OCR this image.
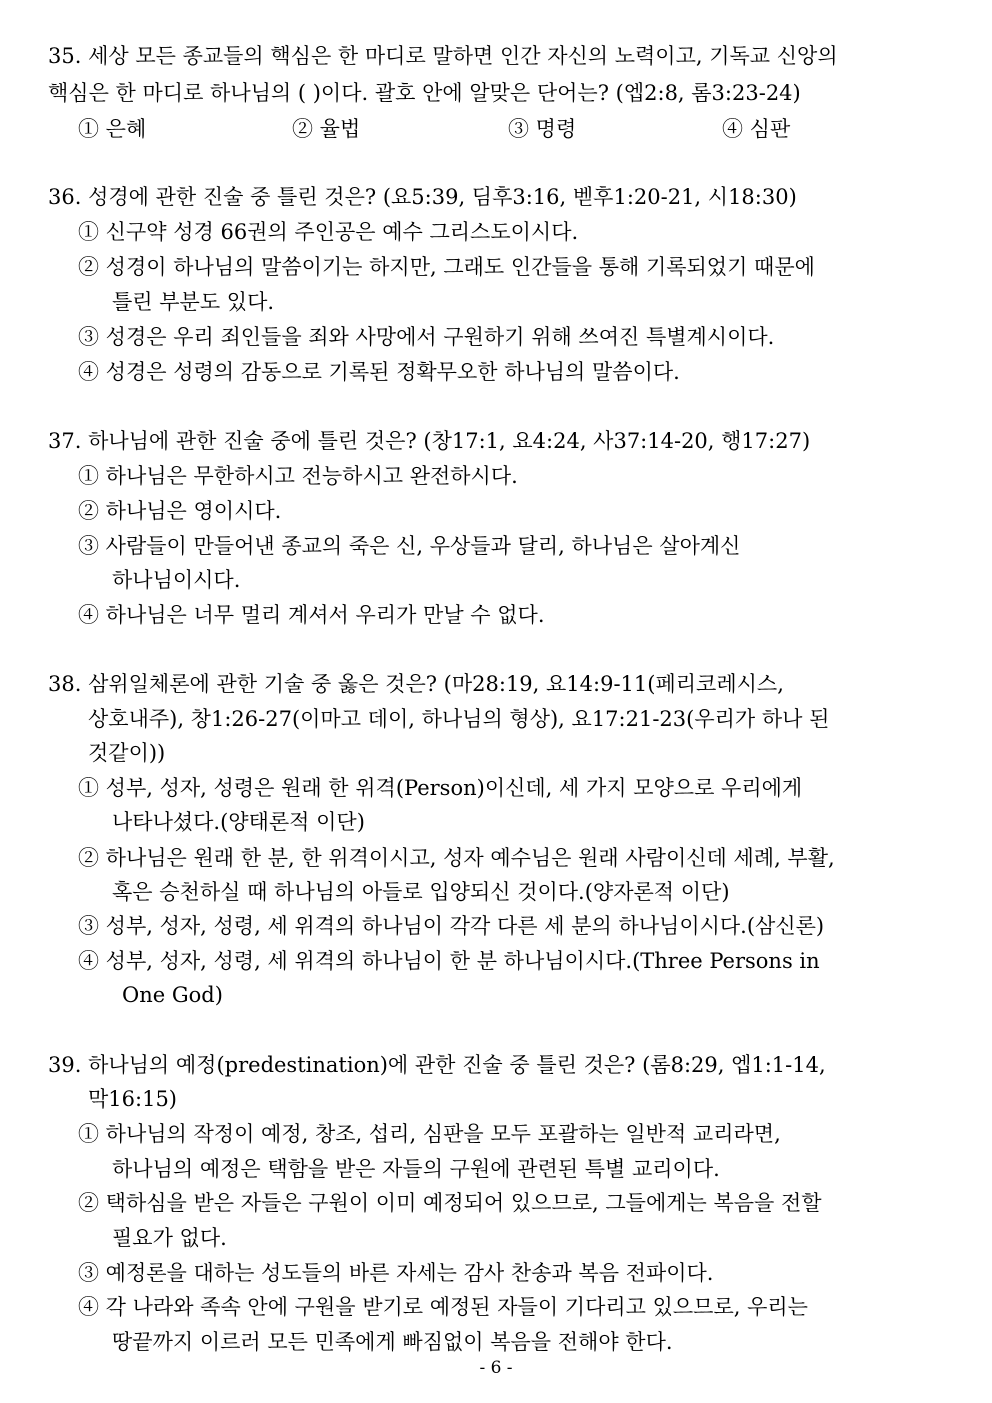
35. 세상 모든 종교들의 핵심은 한 마디로 말하면 인간 자신의 노력이고, 기독교 신앙의
핵심은 한 마디로 하나님의 ( )이다. 괄호 안에 알맞은 단어는? (엡2:8, 롬3:23-24)
① 은혜	② 율법	③ 명령	④ 심판
36. 성경에 관한 진술 중 틀린 것은? (요5:39, 딤후3:16, 벧후1:20-21, 시18:30)
① 신구약 성경 66권의 주인공은 예수 그리스도이시다.
② 성경이 하나님의 말씀이기는 하지만, 그래도 인간들을 통해 기록되었기 때문에
틀린 부분도 있다.
③ 성경은 우리 죄인들을 죄와 사망에서 구원하기 위해 쓰여진 특별계시이다.
④ 성경은 성령의 감동으로 기록된 정확무오한 하나님의 말씀이다.
37. 하나님에 관한 진술 중에 틀린 것은? (창17:1, 요4:24, 사37:14-20, 행17:27)
① 하나님은 무한하시고 전능하시고 완전하시다.
② 하나님은 영이시다.
③ 사람들이 만들어낸 종교의 죽은 신, 우상들과 달리, 하나님은 살아계신
하나님이시다.
④ 하나님은 너무 멀리 계셔서 우리가 만날 수 없다.
38. 삼위일체론에 관한 기술 중 옳은 것은? (마28:19, 요14:9-11(페리코레시스,
상호내주), 창1:26-27(이마고 데이, 하나님의 형상), 요17:21-23(우리가 하나 된
것같이))
① 성부, 성자, 성령은 원래 한 위격(Person)이신데, 세 가지 모양으로 우리에게
나타나셨다.(양태론적 이단)
② 하나님은 원래 한 분, 한 위격이시고, 성자 예수님은 원래 사람이신데 세례, 부활,
혹은 승천하실 때 하나님의 아들로 입양되신 것이다.(양자론적 이단)
③ 성부, 성자, 성령, 세 위격의 하나님이 각각 다른 세 분의 하나님이시다.(삼신론)
④ 성부, 성자, 성령, 세 위격의 하나님이 한 분 하나님이시다.(Three Persons in
One God)
39. 하나님의 예정(predestination)에 관한 진술 중 틀린 것은? (롬8:29, 엡1:1-14,
막16:15)
① 하나님의 작정이 예정, 창조, 섭리, 심판을 모두 포괄하는 일반적 교리라면,
하나님의 예정은 택함을 받은 자들의 구원에 관련된 특별 교리이다.
② 택하심을 받은 자들은 구원이 이미 예정되어 있으므로, 그들에게는 복음을 전할
필요가 없다.
③ 예정론을 대하는 성도들의 바른 자세는 감사 찬송과 복음 전파이다.
④ 각 나라와 족속 안에 구원을 받기로 예정된 자들이 기다리고 있으므로, 우리는
땅끝까지 이르러 모든 민족에게 빠짐없이 복음을 전해야 한다.
- 6 -
